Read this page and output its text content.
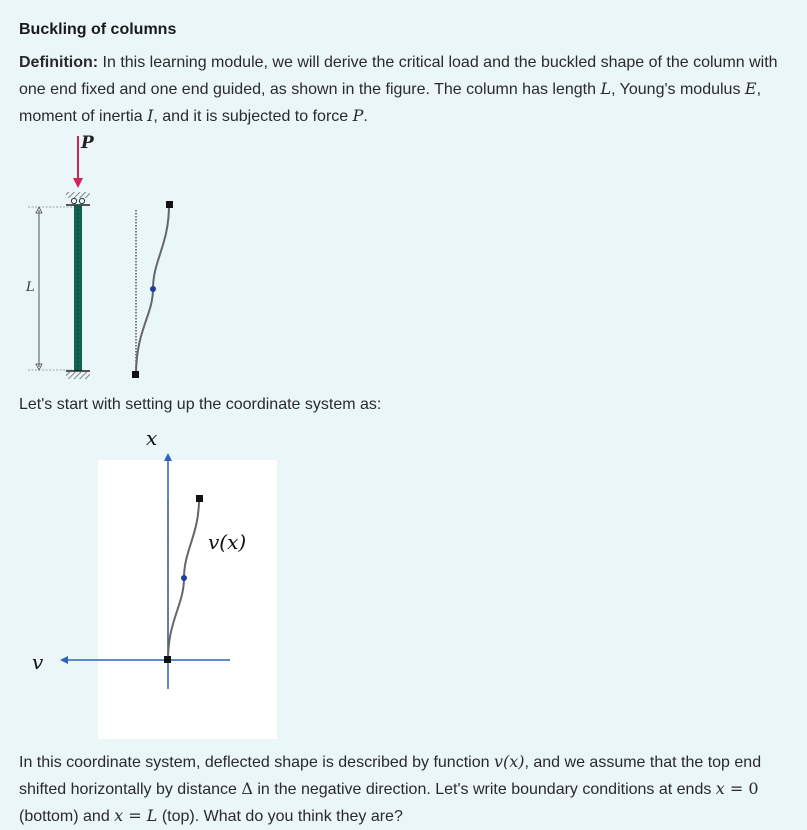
Buckling of columns
Definition: In this learning module, we will derive the critical load and the buckled shape of the column with one end fixed and one end guided, as shown in the figure. The column has length L, Young's modulus E, moment of inertia I, and it is subjected to force P.
P
L
Let's start with setting up the coordinate system as:
x
v
v(x)
In this coordinate system, deflected shape is described by function v(x), and we assume that the top end shifted horizontally by distance Δ in the negative direction. Let's write boundary conditions at ends x = 0 (bottom) and x = L (top). What do you think they are?
